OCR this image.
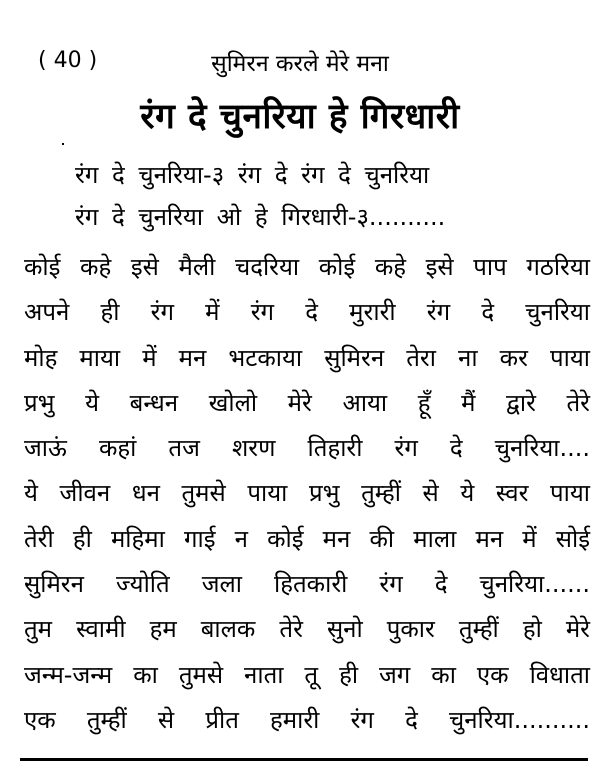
( 40 )	सुमिरन करले मेरे मना
रंग दे चुनरिया हे गिरधारी
रंग दे चुनरिया-३ रंग दे रंग दे चुनरिया
रंग दे चुनरिया ओ हे गिरधारी-३..........
कोई कहे इसे मैली चदरिया कोई कहे इसे पाप गठरिया
अपने ही रंग में रंग दे मुरारी रंग दे चुनरिया
मोह माया में मन भटकाया सुमिरन तेरा ना कर पाया
प्रभु ये बन्धन खोलो मेरे आया हूँ मैं द्वारे तेरे
जाऊं कहां तज शरण तिहारी रंग दे चुनरिया....
ये जीवन धन तुमसे पाया प्रभु तुम्हीं से ये स्वर पाया
तेरी ही महिमा गाई न कोई मन की माला मन में सोई
सुमिरन ज्योति जला हितकारी रंग दे चुनरिया......
तुम स्वामी हम बालक तेरे सुनो पुकार तुम्हीं हो मेरे
जन्म-जन्म का तुमसे नाता तू ही जग का एक विधाता
एक तुम्हीं से प्रीत हमारी रंग दे चुनरिया..........
